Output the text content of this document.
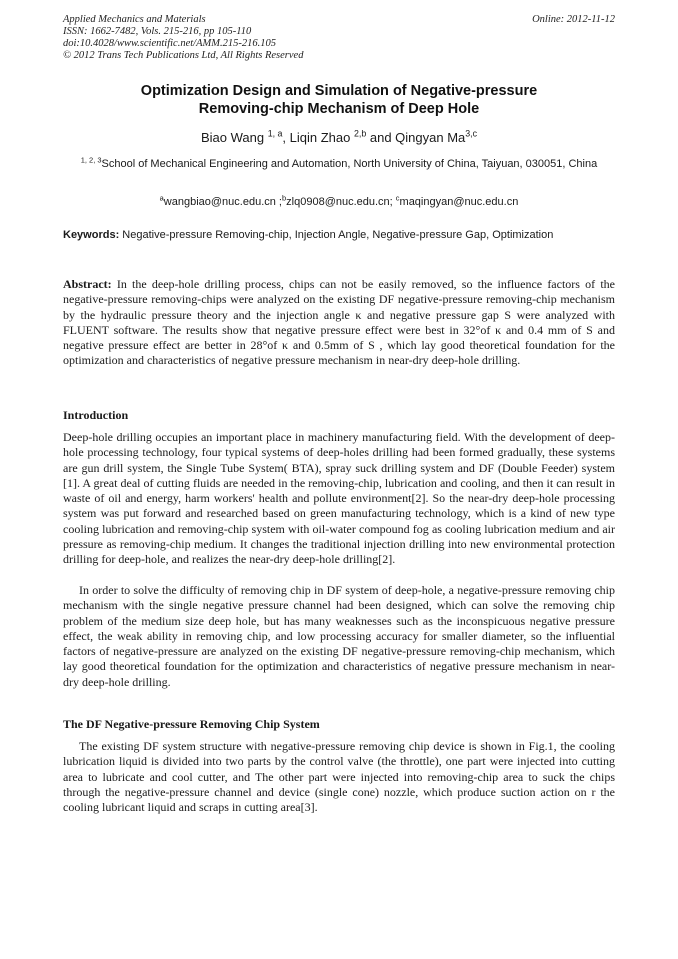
Applied Mechanics and Materials	Online: 2012-11-12
ISSN: 1662-7482, Vols. 215-216, pp 105-110
doi:10.4028/www.scientific.net/AMM.215-216.105
© 2012 Trans Tech Publications Ltd, All Rights Reserved
Optimization Design and Simulation of Negative-pressure
Removing-chip Mechanism of Deep Hole
Biao Wang $^{1, a}$, Liqin Zhao $^{2,b}$ and Qingyan Ma$^{3,c}$
$^{1, 2, 3}$School of Mechanical Engineering and Automation, North University of China, Taiyuan, 030051, China
$^a$wangbiao@nuc.edu.cn ;$^b$zlq0908@nuc.edu.cn; $^c$maqingyan@nuc.edu.cn
Keywords: Negative-pressure Removing-chip, Injection Angle, Negative-pressure Gap, Optimization
Abstract: In the deep-hole drilling process, chips can not be easily removed, so the influence factors of the negative-pressure removing-chips were analyzed on the existing DF negative-pressure removing-chip mechanism by the hydraulic pressure theory and the injection angle κ and negative pressure gap S were analyzed with FLUENT software. The results show that negative pressure effect were best in 32°of κ and 0.4 mm of S and negative pressure effect are better in 28°of κ and 0.5mm of S , which lay good theoretical foundation for the optimization and characteristics of negative pressure mechanism in near-dry deep-hole drilling.
Introduction

Deep-hole drilling occupies an important place in machinery manufacturing field. With the development of deep- hole processing technology, four typical systems of deep-holes drilling had been formed gradually, these systems are gun drill system, the Single Tube System( BTA), spray suck drilling system and DF (Double Feeder) system [1]. A great deal of cutting fluids are needed in the removing-chip, lubrication and cooling, and then it can result in waste of oil and energy, harm workers' health and pollute environment[2]. So the near-dry deep-hole processing system was put forward and researched based on green manufacturing technology, which is a kind of new type cooling lubrication and removing-chip system with oil-water compound fog as cooling lubrication medium and air pressure as removing-chip medium. It changes the traditional injection drilling into new environmental protection drilling for deep-hole, and realizes the near-dry deep-hole drilling[2].

In order to solve the difficulty of removing chip in DF system of deep-hole, a negative-pressure removing chip mechanism with the single negative pressure channel had been designed, which can solve the removing chip problem of the medium size deep hole, but has many weaknesses such as the inconspicuous negative pressure effect, the weak ability in removing chip, and low processing accuracy for smaller diameter, so the influential factors of negative-pressure are analyzed on the existing DF negative-pressure removing-chip mechanism, which lay good theoretical foundation for the optimization and characteristics of negative pressure mechanism in near-dry deep-hole drilling.

The DF Negative-pressure Removing Chip System

The existing DF system structure with negative-pressure removing chip device is shown in Fig.1, the cooling lubrication liquid is divided into two parts by the control valve (the throttle), one part were injected into cutting area to lubricate and cool cutter, and The other part were injected into removing-chip area to suck the chips through the negative-pressure channel and device (single cone) nozzle, which produce suction action on r the cooling lubricant liquid and scraps in cutting area[3].
